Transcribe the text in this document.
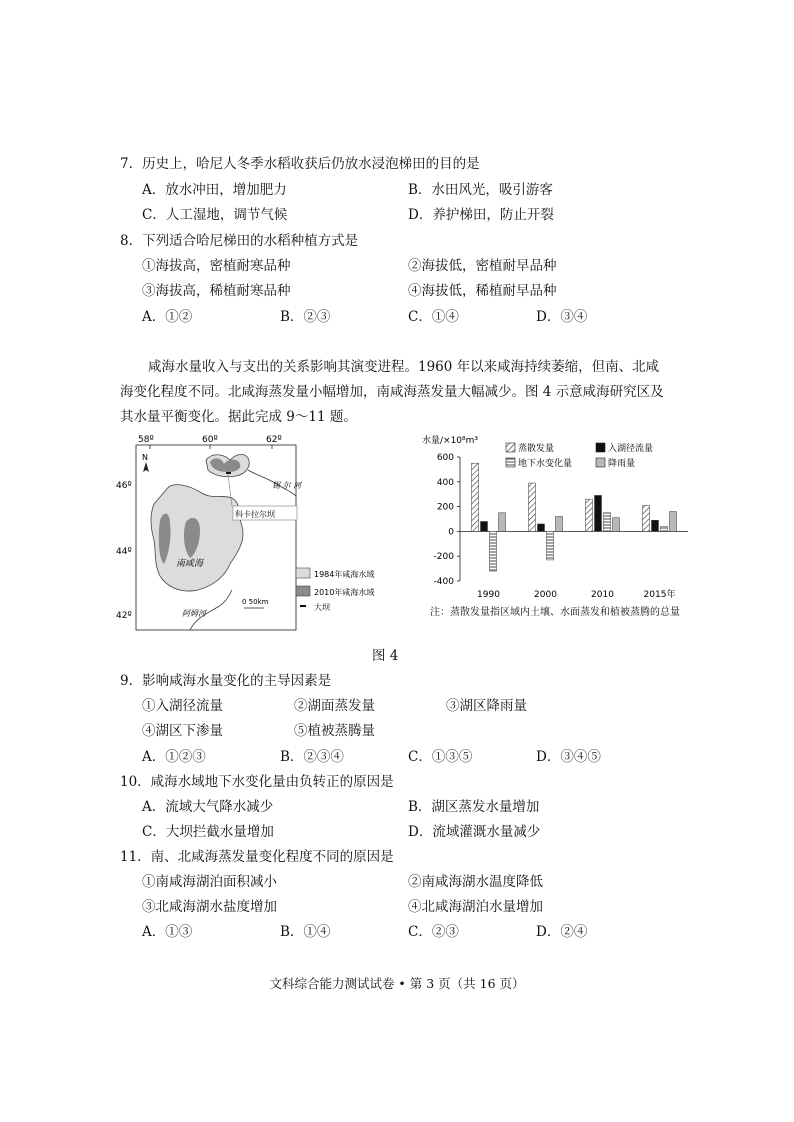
7．历史上，哈尼人冬季水稻收获后仍放水浸泡梯田的目的是
A．放水冲田，增加肥力	B．水田风光，吸引游客
C．人工湿地，调节气候	D．养护梯田，防止开裂
8．下列适合哈尼梯田的水稻种植方式是
①海拔高，密植耐寒品种	②海拔低，密植耐早品种
③海拔高，稀植耐寒品种	④海拔低，稀植耐早品种
A．①②	B．②③	C．①④	D．③④

咸海水量收入与支出的关系影响其演变进程。1960 年以来咸海持续萎缩，但南、北咸

海变化程度不同。北咸海蒸发量小幅增加，南咸海蒸发量大幅减少。图 4 示意咸海研究区及

其水量平衡变化。据此完成 9～11 题。

58º	60º	62º
46º
44º
42º
N
锡 尔 河
科卡拉尔坝
南咸海
阿姆河
0 50km
1984年咸海水域
2010年咸海水域
大坝
水量/×10⁸m³
600
400
200
0
-200
-400
蒸散发量	入湖径流量
地下水变化量	降雨量
1990	2000	2010	2015年
注：蒸散发量指区域内土壤、水面蒸发和植被蒸腾的总量
图 4
9．影响咸海水量变化的主导因素是
①入湖径流量	②湖面蒸发量	③湖区降雨量
④湖区下渗量	⑤植被蒸腾量
A．①②③	B．②③④	C．①③⑤	D．③④⑤
10．咸海水域地下水变化量由负转正的原因是
A．流域大气降水减少	B．湖区蒸发水量增加
C．大坝拦截水量增加	D．流域灌溉水量减少
11．南、北咸海蒸发量变化程度不同的原因是
①南咸海湖泊面积减小	②南咸海湖水温度降低
③北咸海湖水盐度增加	④北咸海湖泊水量增加
A．①③	B．①④	C．②③	D．②④
文科综合能力测试试卷 • 第 3 页（共 16 页）
